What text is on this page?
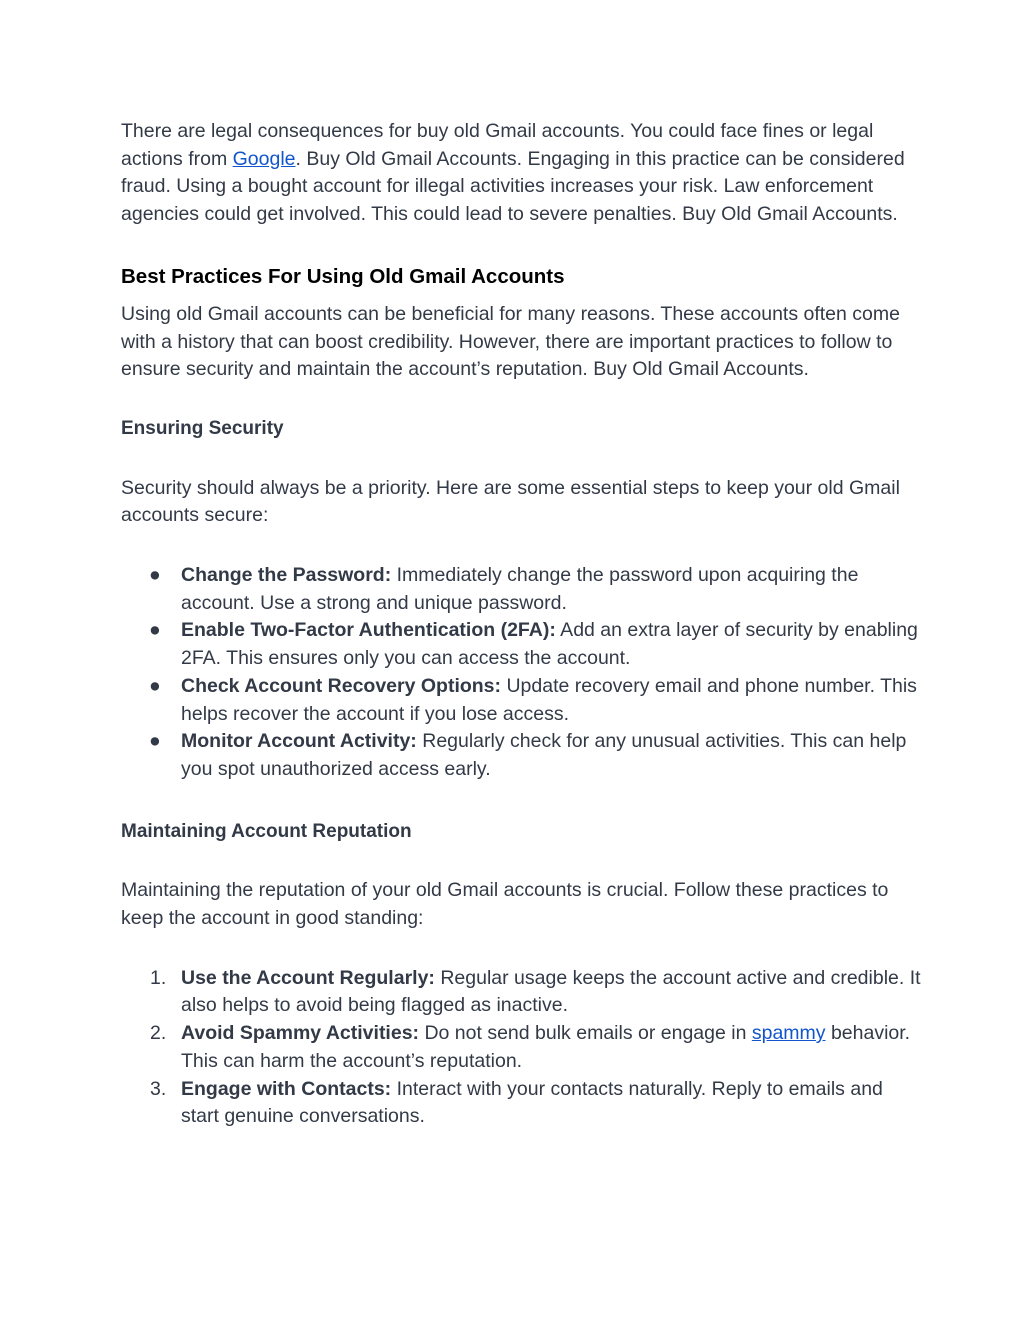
There are legal consequences for buy old Gmail accounts. You could face fines or legal actions from Google. Buy Old Gmail Accounts. Engaging in this practice can be considered fraud. Using a bought account for illegal activities increases your risk. Law enforcement agencies could get involved. This could lead to severe penalties. Buy Old Gmail Accounts.

Best Practices For Using Old Gmail Accounts

Using old Gmail accounts can be beneficial for many reasons. These accounts often come with a history that can boost credibility. However, there are important practices to follow to ensure security and maintain the account’s reputation. Buy Old Gmail Accounts.

Ensuring Security

Security should always be a priority. Here are some essential steps to keep your old Gmail accounts secure:

●	Change the Password: Immediately change the password upon acquiring the account. Use a strong and unique password.
●	Enable Two-Factor Authentication (2FA): Add an extra layer of security by enabling 2FA. This ensures only you can access the account.
●	Check Account Recovery Options: Update recovery email and phone number. This helps recover the account if you lose access.
●	Monitor Account Activity: Regularly check for any unusual activities. This can help you spot unauthorized access early.
Maintaining Account Reputation

Maintaining the reputation of your old Gmail accounts is crucial. Follow these practices to keep the account in good standing:

1. Use the Account Regularly: Regular usage keeps the account active and credible. It also helps to avoid being flagged as inactive.
2. Avoid Spammy Activities: Do not send bulk emails or engage in spammy behavior. This can harm the account’s reputation.
3. Engage with Contacts: Interact with your contacts naturally. Reply to emails and start genuine conversations.
